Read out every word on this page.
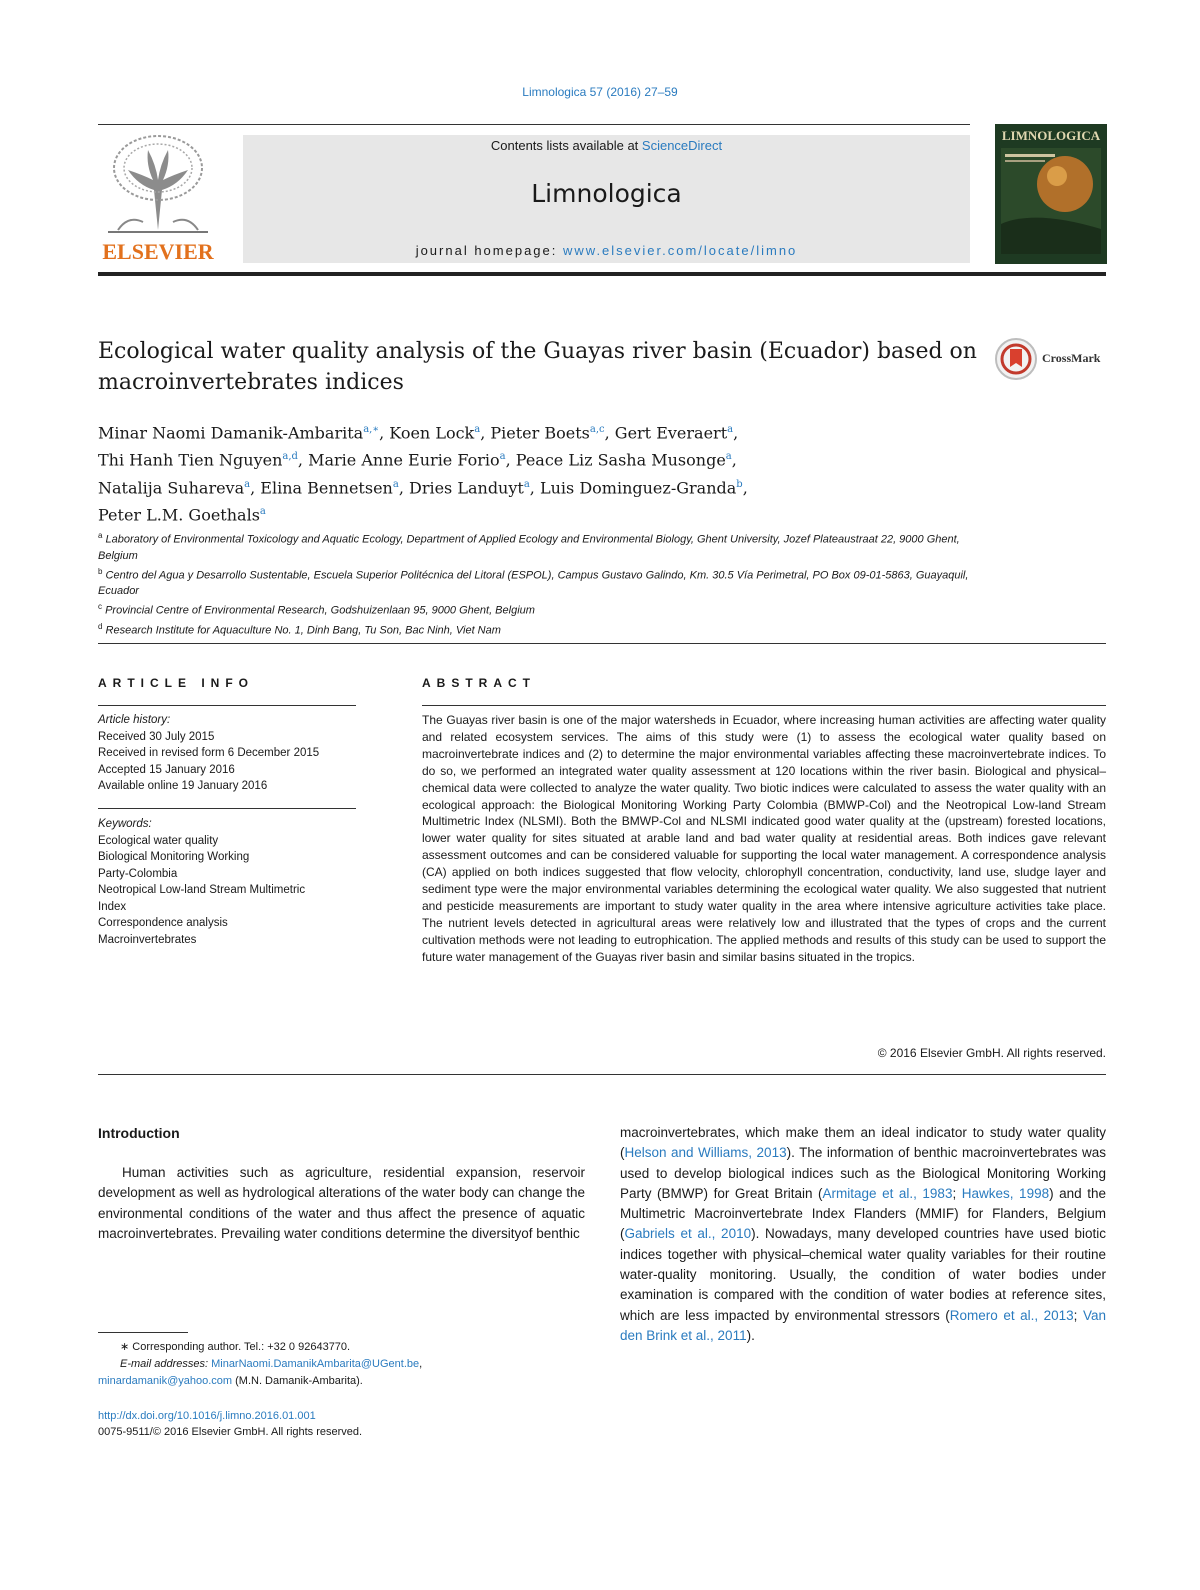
Limnologica 57 (2016) 27–59
ELSEVIER
Contents lists available at ScienceDirect
Limnologica
journal homepage: www.elsevier.com/locate/limno
LIMNOLOGICA
Ecological water quality analysis of the Guayas river basin (Ecuador) based on macroinvertebrates indices
CrossMark
Minar Naomi Damanik-Ambarita$^{a,∗}$, Koen Lock$^a$, Pieter Boets$^{a,c}$, Gert Everaert$^a$,
Thi Hanh Tien Nguyen$^{a,d}$, Marie Anne Eurie Forio$^a$, Peace Liz Sasha Musonge$^a$,
Natalija Suhareva$^a$, Elina Bennetsen$^a$, Dries Landuyt$^a$, Luis Dominguez-Granda$^b$,
Peter L.M. Goethals$^a$
$^a$ Laboratory of Environmental Toxicology and Aquatic Ecology, Department of Applied Ecology and Environmental Biology, Ghent University, Jozef Plateaustraat 22, 9000 Ghent, Belgium
$^b$ Centro del Agua y Desarrollo Sustentable, Escuela Superior Politécnica del Litoral (ESPOL), Campus Gustavo Galindo, Km. 30.5 Vía Perimetral, PO Box 09-01-5863, Guayaquil, Ecuador
$^c$ Provincial Centre of Environmental Research, Godshuizenlaan 95, 9000 Ghent, Belgium
$^d$ Research Institute for Aquaculture No. 1, Dinh Bang, Tu Son, Bac Ninh, Viet Nam
ARTICLE INFO
Article history:
Received 30 July 2015
Received in revised form 6 December 2015
Accepted 15 January 2016
Available online 19 January 2016
Keywords:
Ecological water quality
Biological Monitoring Working
Party-Colombia
Neotropical Low-land Stream Multimetric
Index
Correspondence analysis
Macroinvertebrates
ABSTRACT
The Guayas river basin is one of the major watersheds in Ecuador, where increasing human activities are affecting water quality and related ecosystem services. The aims of this study were (1) to assess the ecological water quality based on macroinvertebrate indices and (2) to determine the major environmental variables affecting these macroinvertebrate indices. To do so, we performed an integrated water quality assessment at 120 locations within the river basin. Biological and physical–chemical data were collected to analyze the water quality. Two biotic indices were calculated to assess the water quality with an ecological approach: the Biological Monitoring Working Party Colombia (BMWP-Col) and the Neotropical Low-land Stream Multimetric Index (NLSMI). Both the BMWP-Col and NLSMI indicated good water quality at the (upstream) forested locations, lower water quality for sites situated at arable land and bad water quality at residential areas. Both indices gave relevant assessment outcomes and can be considered valuable for supporting the local water management. A correspondence analysis (CA) applied on both indices suggested that flow velocity, chlorophyll concentration, conductivity, land use, sludge layer and sediment type were the major environmental variables determining the ecological water quality. We also suggested that nutrient and pesticide measurements are important to study water quality in the area where intensive agriculture activities take place. The nutrient levels detected in agricultural areas were relatively low and illustrated that the types of crops and the current cultivation methods were not leading to eutrophication. The applied methods and results of this study can be used to support the future water management of the Guayas river basin and similar basins situated in the tropics.
© 2016 Elsevier GmbH. All rights reserved.
Introduction
Human activities such as agriculture, residential expansion, reservoir development as well as hydrological alterations of the water body can change the environmental conditions of the water and thus affect the presence of aquatic macroinvertebrates. Prevailing water conditions determine the diversityof benthic
macroinvertebrates, which make them an ideal indicator to study water quality (Helson and Williams, 2013). The information of benthic macroinvertebrates was used to develop biological indices such as the Biological Monitoring Working Party (BMWP) for Great Britain (Armitage et al., 1983; Hawkes, 1998) and the Multimetric Macroinvertebrate Index Flanders (MMIF) for Flanders, Belgium (Gabriels et al., 2010). Nowadays, many developed countries have used biotic indices together with physical–chemical water quality variables for their routine water-quality monitoring. Usually, the condition of water bodies under examination is compared with the condition of water bodies at reference sites, which are less impacted by environmental stressors (Romero et al., 2013; Van den Brink et al., 2011).
∗ Corresponding author. Tel.: +32 0 92643770.
E-mail addresses: MinarNaomi.DamanikAmbarita@UGent.be,
minardamanik@yahoo.com (M.N. Damanik-Ambarita).
http://dx.doi.org/10.1016/j.limno.2016.01.001
0075-9511/© 2016 Elsevier GmbH. All rights reserved.
